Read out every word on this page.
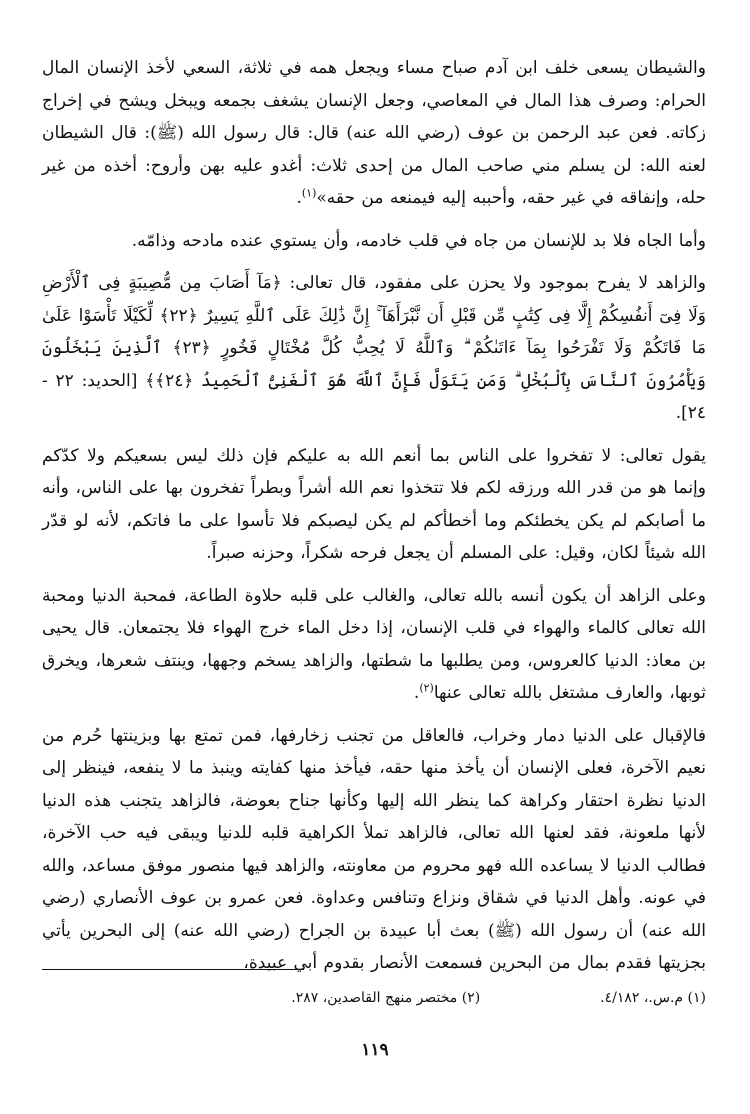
والشيطان يسعى خلف ابن آدم صباح مساء ويجعل همه في ثلاثة، السعي لأخذ الإنسان المال الحرام: وصرف هذا المال في المعاصي، وجعل الإنسان يشغف بجمعه ويبخل ويشح في إخراج زكاته. فعن عبد الرحمن بن عوف (رضي الله عنه) قال: قال رسول الله (ﷺ): قال الشيطان لعنه الله: لن يسلم مني صاحب المال من إحدى ثلاث: أغدو عليه بهن وأروح: أخذه من غير حله، وإنفاقه في غير حقه، وأحببه إليه فيمنعه من حقه»$^{(١)}$.

وأما الجاه فلا بد للإنسان من جاه في قلب خادمه، وأن يستوي عنده مادحه وذامّه.

والزاهد لا يفرح بموجود ولا يحزن على مفقود، قال تعالى: ﴿مَآ أَصَابَ مِن مُّصِيبَةٍ فِى ٱلْأَرْضِ وَلَا فِىٓ أَنفُسِكُمْ إِلَّا فِى كِتَٰبٍ مِّن قَبْلِ أَن نَّبْرَأَهَآ ۚ إِنَّ ذَٰلِكَ عَلَى ٱللَّهِ يَسِيرٌ ﴿٢٢﴾ لِّكَيْلَا تَأْسَوْا عَلَىٰ مَا فَاتَكُمْ وَلَا تَفْرَحُوا بِمَآ ءَاتَىٰكُمْ ۗ وَٱللَّهُ لَا يُحِبُّ كُلَّ مُخْتَالٍ فَخُورٍ ﴿٢٣﴾ ٱلَّذِينَ يَبْخَلُونَ وَيَأْمُرُونَ ٱلنَّاسَ بِٱلْبُخْلِ ۗ وَمَن يَتَوَلَّ فَإِنَّ ٱللَّهَ هُوَ ٱلْغَنِىُّ ٱلْحَمِيدُ ﴿٢٤﴾﴾ [الحديد: ٢٢ - ٢٤].

يقول تعالى: لا تفخروا على الناس بما أنعم الله به عليكم فإن ذلك ليس بسعيكم ولا كدّكم وإنما هو من قدر الله ورزقه لكم فلا تتخذوا نعم الله أشراً وبطراً تفخرون بها على الناس، وأنه ما أصابكم لم يكن يخطئكم وما أخطأكم لم يكن ليصبكم فلا تأسوا على ما فاتكم، لأنه لو قدّر الله شيئاً لكان، وقيل: على المسلم أن يجعل فرحه شكراً، وحزنه صبراً.

وعلى الزاهد أن يكون أنسه بالله تعالى، والغالب على قلبه حلاوة الطاعة، فمحبة الدنيا ومحبة الله تعالى كالماء والهواء في قلب الإنسان، إذا دخل الماء خرج الهواء فلا يجتمعان. قال يحيى بن معاذ: الدنيا كالعروس، ومن يطلبها ما شطتها، والزاهد يسخم وجهها، وينتف شعرها، ويخرق ثوبها، والعارف مشتغل بالله تعالى عنها$^{(٢)}$.

فالإقبال على الدنيا دمار وخراب، فالعاقل من تجنب زخارفها، فمن تمتع بها وبزينتها حُرم من نعيم الآخرة، فعلى الإنسان أن يأخذ منها حقه، فيأخذ منها كفايته وينبذ ما لا ينفعه، فينظر إلى الدنيا نظرة احتقار وكراهة كما ينظر الله إليها وكأنها جناح بعوضة، فالزاهد يتجنب هذه الدنيا لأنها ملعونة، فقد لعنها الله تعالى، فالزاهد تملأ الكراهية قلبه للدنيا ويبقى فيه حب الآخرة، فطالب الدنيا لا يساعده الله فهو محروم من معاونته، والزاهد فيها منصور موفق مساعد، والله في عونه. وأهل الدنيا في شقاق ونزاع وتنافس وعداوة. فعن عمرو بن عوف الأنصاري (رضي الله عنه) أن رسول الله (ﷺ) بعث أبا عبيدة بن الجراح (رضي الله عنه) إلى البحرين يأتي بجزيتها فقدم بمال من البحرين فسمعت الأنصار بقدوم أبي عبيدة،

(١) م.س.، ٤/١٨٢.
(٢) مختصر منهج القاصدين، ٢٨٧.
١١٩
